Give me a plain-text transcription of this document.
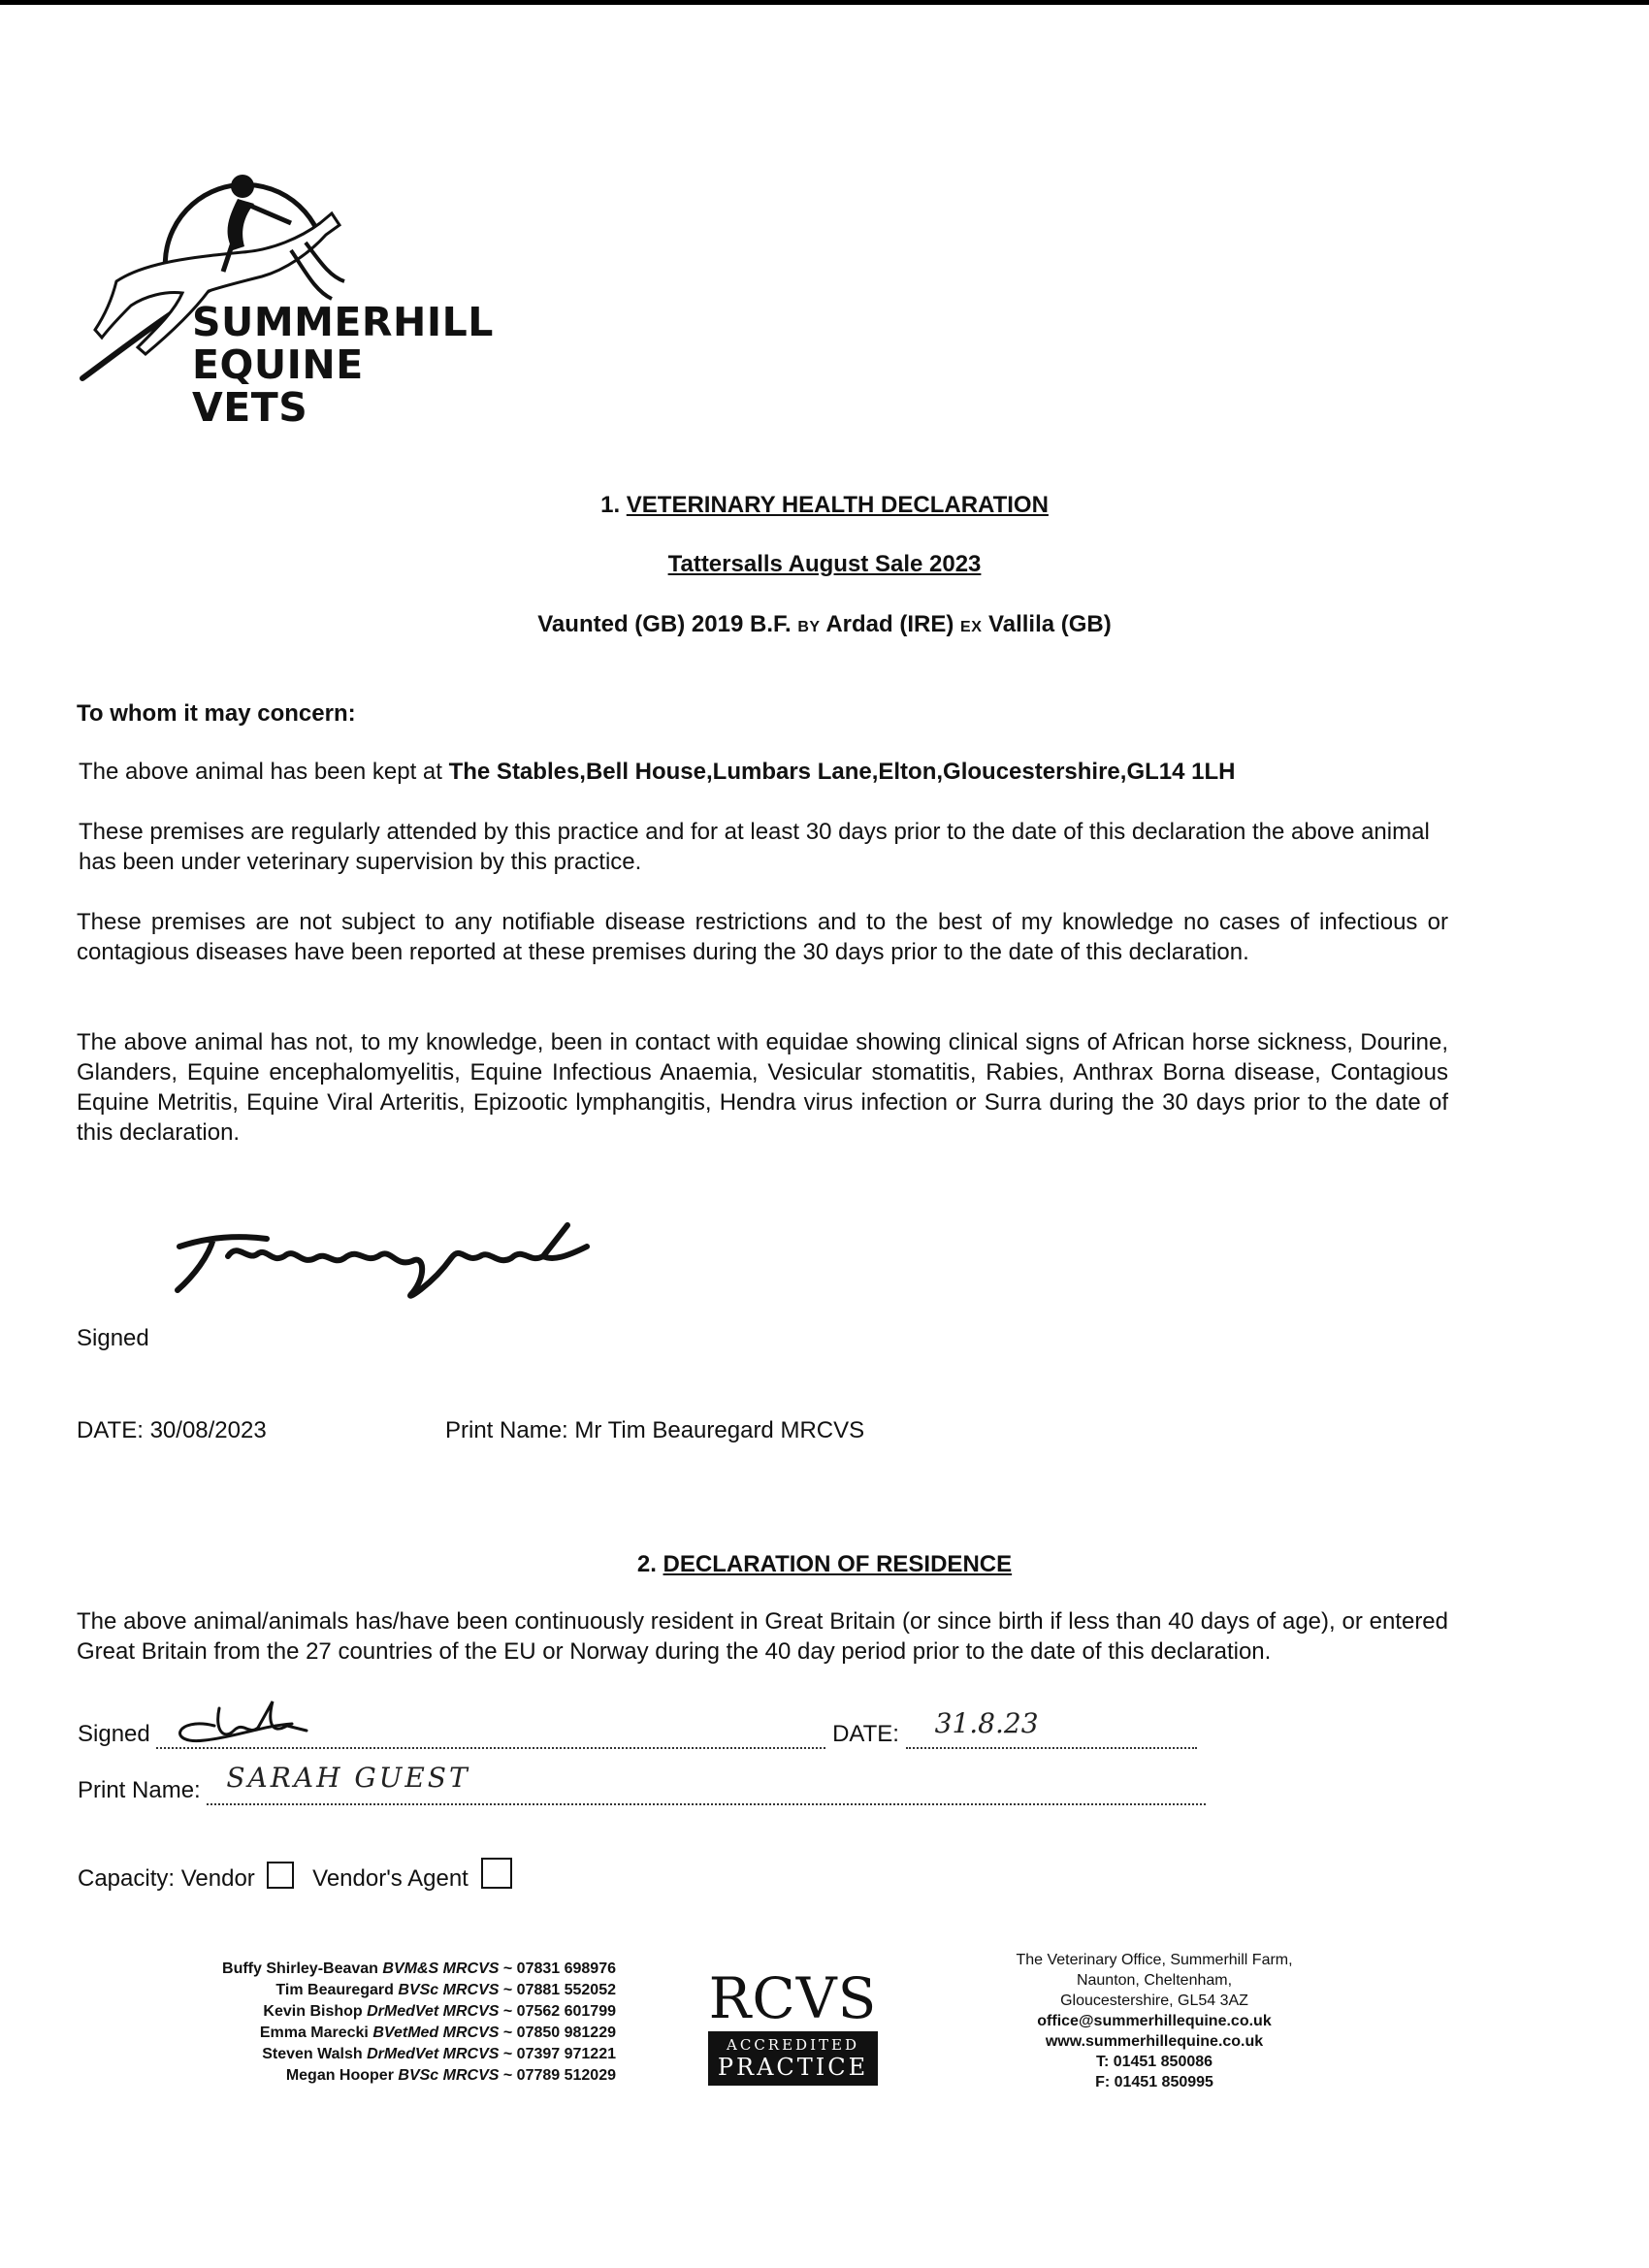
SUMMERHILL
EQUINE VETS
1. VETERINARY HEALTH DECLARATION
Tattersalls August Sale 2023
Vaunted (GB) 2019 B.F. BY Ardad (IRE) EX Vallila (GB)
To whom it may concern:
The above animal has been kept at The Stables,Bell House,Lumbars Lane,Elton,Gloucestershire,GL14 1LH

These premises are regularly attended by this practice and for at least 30 days prior to the date of this declaration the above animal has been under veterinary supervision by this practice.

These premises are not subject to any notifiable disease restrictions and to the best of my knowledge no cases of infectious or contagious diseases have been reported at these premises during the 30 days prior to the date of this declaration.

The above animal has not, to my knowledge, been in contact with equidae showing clinical signs of African horse sickness, Dourine, Glanders, Equine encephalomyelitis, Equine Infectious Anaemia, Vesicular stomatitis, Rabies, Anthrax Borna disease, Contagious Equine Metritis, Equine Viral Arteritis, Epizootic lymphangitis, Hendra virus infection or Surra during the 30 days prior to the date of this declaration.

Signed
DATE: 30/08/2023	Print Name: Mr Tim Beauregard MRCVS
2. DECLARATION OF RESIDENCE

The above animal/animals has/have been continuously resident in Great Britain (or since birth if less than 40 days of age), or entered Great Britain from the 27 countries of the EU or Norway during the 40 day period prior to the date of this declaration.

Signed	DATE: 31.8.23
Print Name: SARAH GUEST
Capacity: Vendor Vendor's Agent
Buffy Shirley-Beavan BVM&S MRCVS ~ 07831 698976
Tim Beauregard BVSc MRCVS ~ 07881 552052
Kevin Bishop DrMedVet MRCVS ~ 07562 601799
Emma Marecki BVetMed MRCVS ~ 07850 981229
Steven Walsh DrMedVet MRCVS ~ 07397 971221
Megan Hooper BVSc MRCVS ~ 07789 512029
RCVS
ACCREDITED
PRACTICE
The Veterinary Office, Summerhill Farm,
Naunton, Cheltenham,
Gloucestershire, GL54 3AZ
office@summerhillequine.co.uk
www.summerhillequine.co.uk
T: 01451 850086
F: 01451 850995
